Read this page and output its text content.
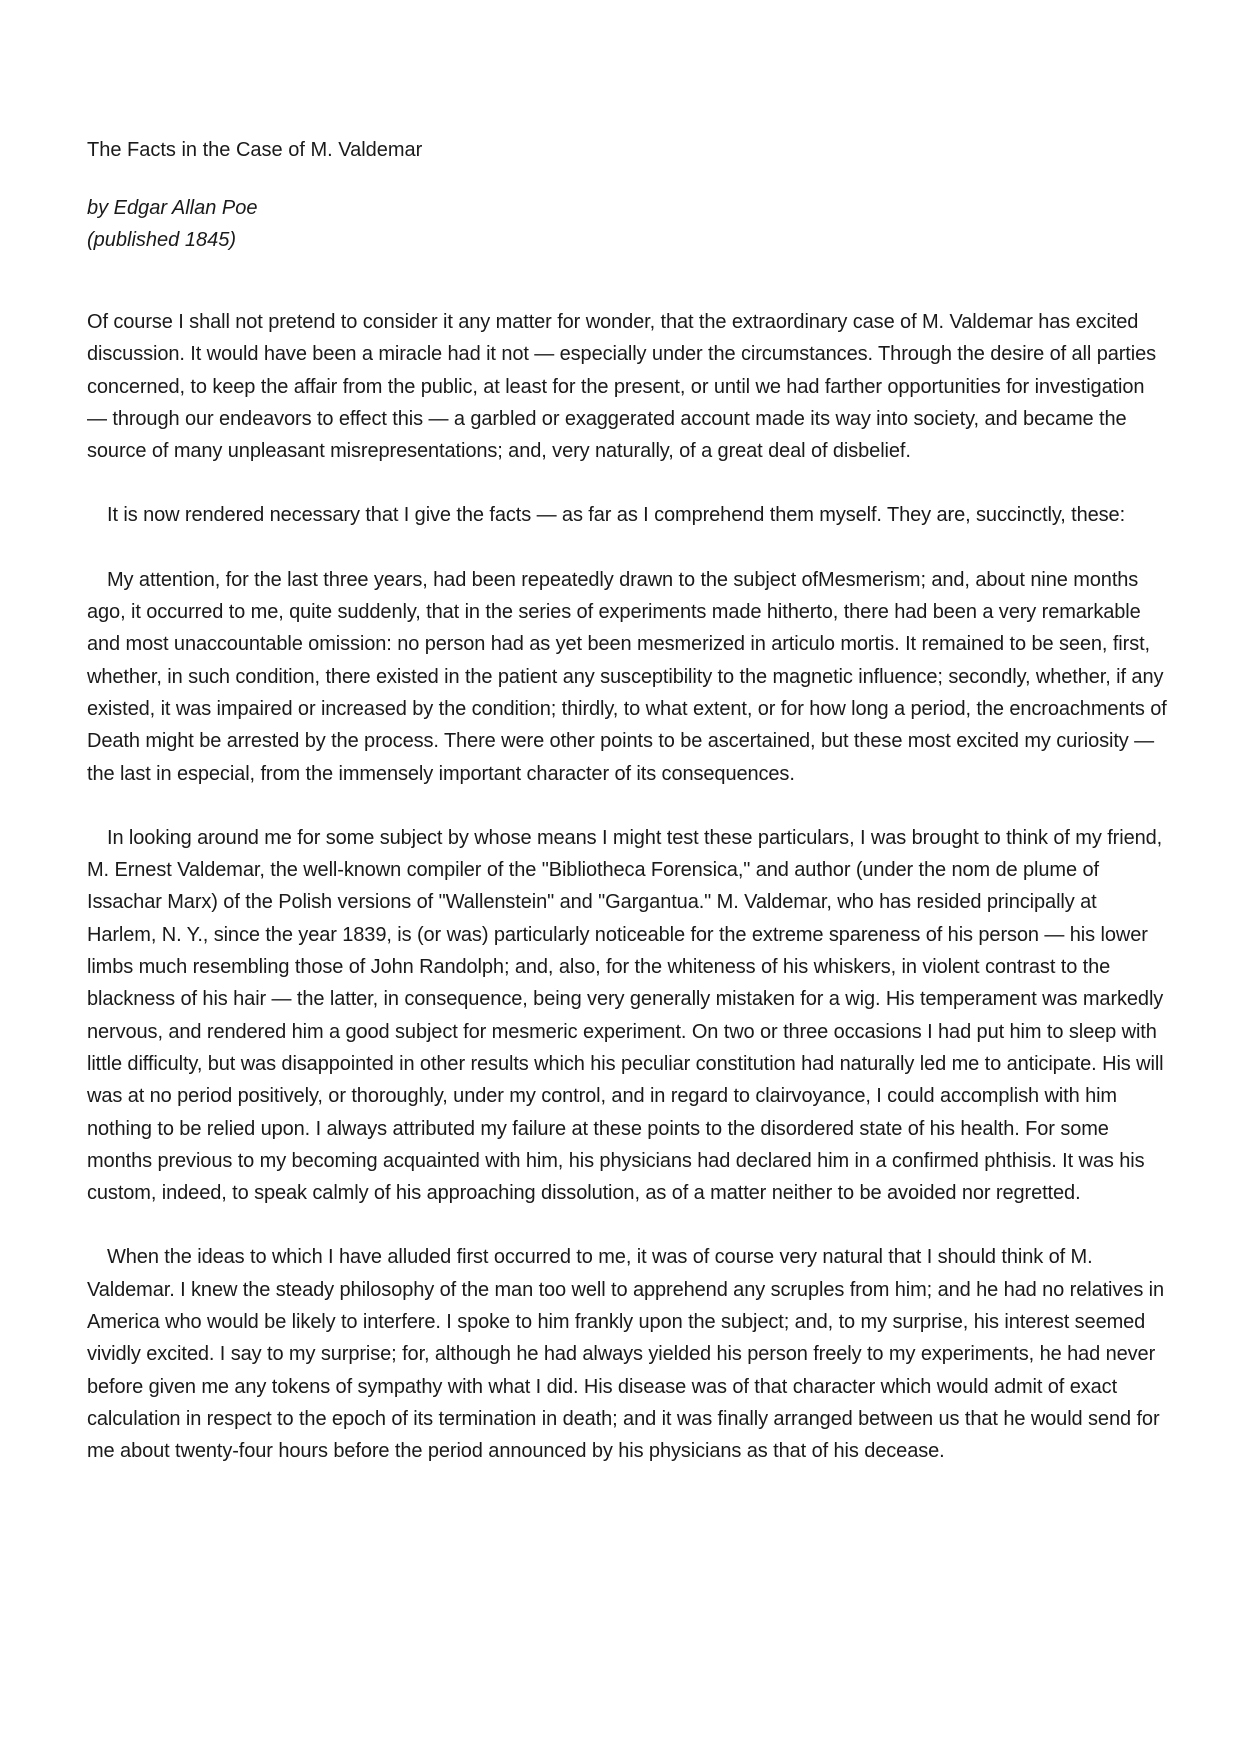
The Facts in the Case of M. Valdemar

by Edgar Allan Poe

(published 1845)

Of course I shall not pretend to consider it any matter for wonder, that the extraordinary case of M. Valdemar has excited discussion. It would have been a miracle had it not — especially under the circumstances. Through the desire of all parties concerned, to keep the affair from the public, at least for the present, or until we had farther opportunities for investigation — through our endeavors to effect this — a garbled or exaggerated account made its way into society, and became the source of many unpleasant misrepresentations; and, very naturally, of a great deal of disbelief.

It is now rendered necessary that I give the facts — as far as I comprehend them myself. They are, succinctly, these:

My attention, for the last three years, had been repeatedly drawn to the subject ofMesmerism; and, about nine months ago, it occurred to me, quite suddenly, that in the series of experiments made hitherto, there had been a very remarkable and most unaccountable omission: no person had as yet been mesmerized in articulo mortis. It remained to be seen, first, whether, in such condition, there existed in the patient any susceptibility to the magnetic influence; secondly, whether, if any existed, it was impaired or increased by the condition; thirdly, to what extent, or for how long a period, the encroachments of Death might be arrested by the process. There were other points to be ascertained, but these most excited my curiosity — the last in especial, from the immensely important character of its consequences.

In looking around me for some subject by whose means I might test these particulars, I was brought to think of my friend, M. Ernest Valdemar, the well-known compiler of the "Bibliotheca Forensica," and author (under the nom de plume of Issachar Marx) of the Polish versions of "Wallenstein" and "Gargantua." M. Valdemar, who has resided principally at Harlem, N. Y., since the year 1839, is (or was) particularly noticeable for the extreme spareness of his person — his lower limbs much resembling those of John Randolph; and, also, for the whiteness of his whiskers, in violent contrast to the blackness of his hair — the latter, in consequence, being very generally mistaken for a wig. His temperament was markedly nervous, and rendered him a good subject for mesmeric experiment. On two or three occasions I had put him to sleep with little difficulty, but was disappointed in other results which his peculiar constitution had naturally led me to anticipate. His will was at no period positively, or thoroughly, under my control, and in regard to clairvoyance, I could accomplish with him nothing to be relied upon. I always attributed my failure at these points to the disordered state of his health. For some months previous to my becoming acquainted with him, his physicians had declared him in a confirmed phthisis. It was his custom, indeed, to speak calmly of his approaching dissolution, as of a matter neither to be avoided nor regretted.

When the ideas to which I have alluded first occurred to me, it was of course very natural that I should think of M. Valdemar. I knew the steady philosophy of the man too well to apprehend any scruples from him; and he had no relatives in America who would be likely to interfere. I spoke to him frankly upon the subject; and, to my surprise, his interest seemed vividly excited. I say to my surprise; for, although he had always yielded his person freely to my experiments, he had never before given me any tokens of sympathy with what I did. His disease was of that character which would admit of exact calculation in respect to the epoch of its termination in death; and it was finally arranged between us that he would send for me about twenty-four hours before the period announced by his physicians as that of his decease.
